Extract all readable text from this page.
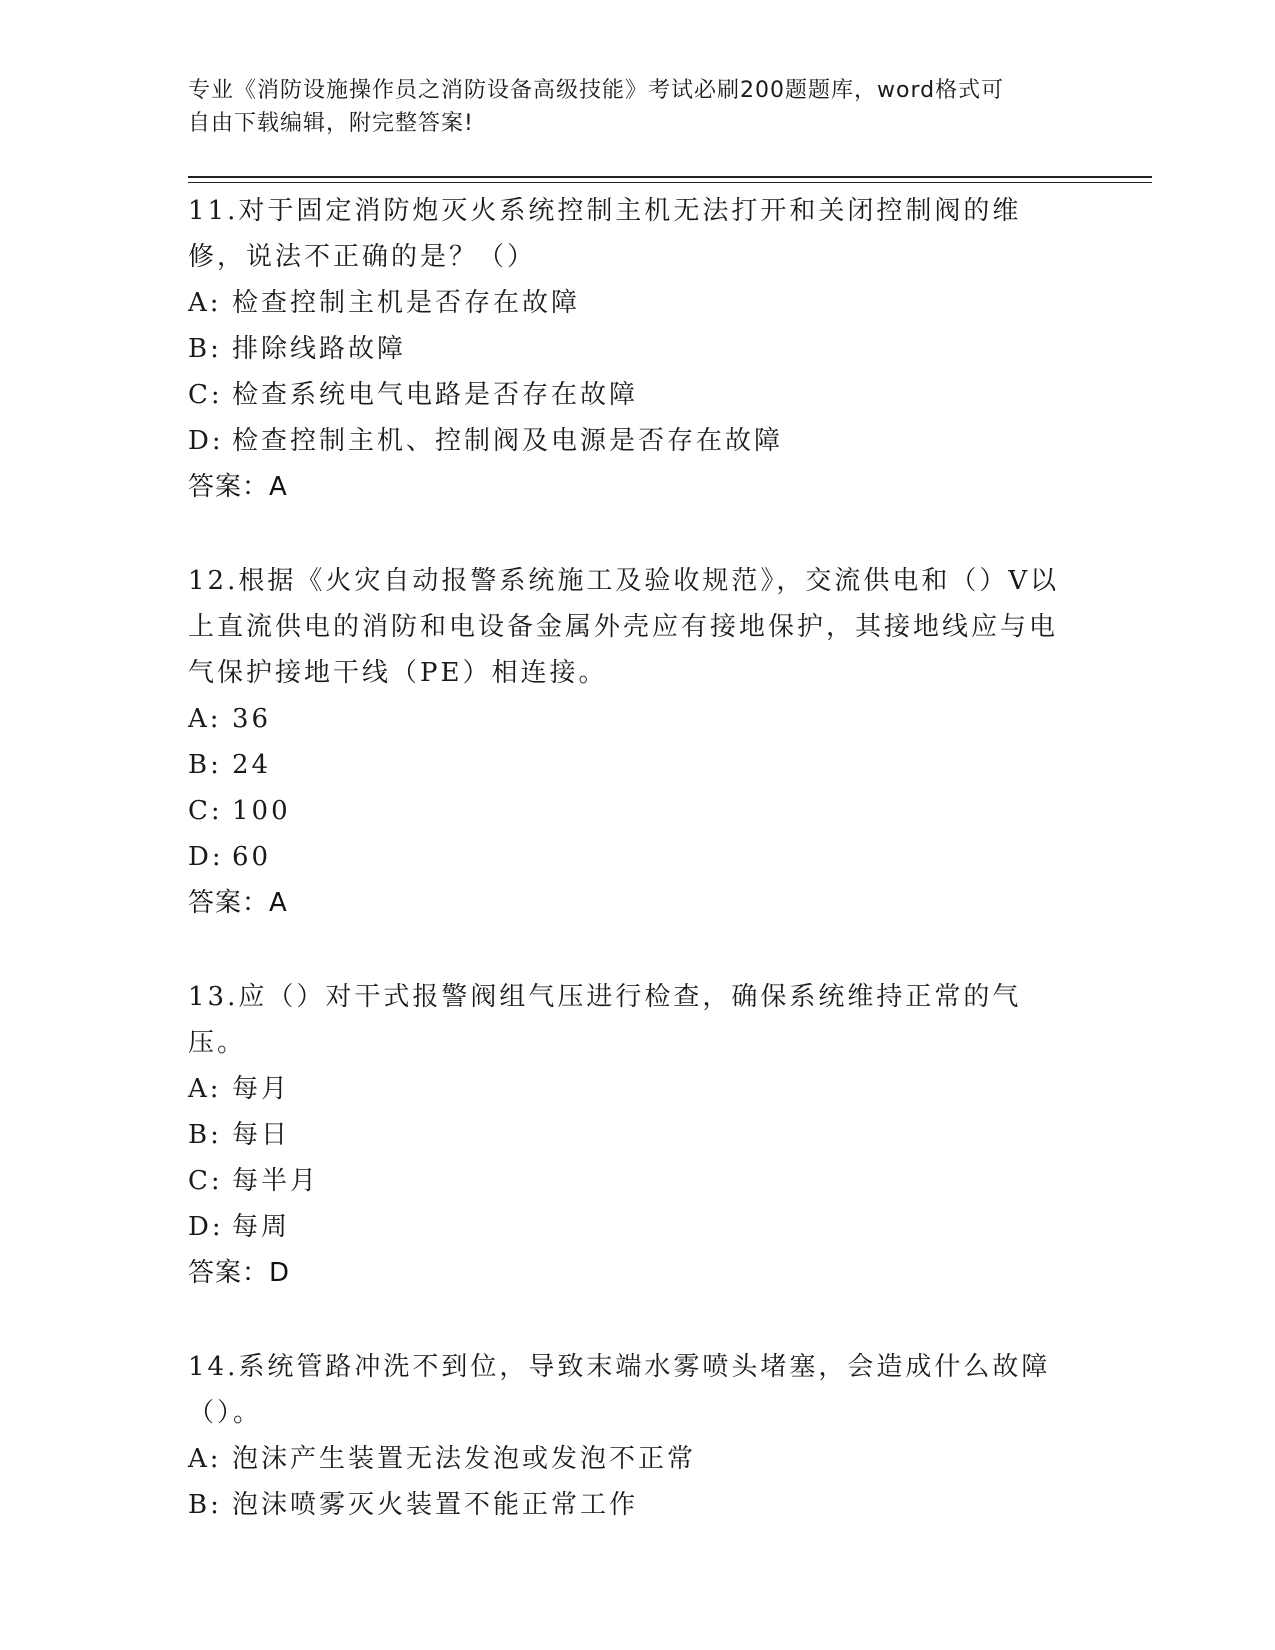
专业《消防设施操作员之消防设备高级技能》考试必刷200题题库，word格式可
自由下载编辑，附完整答案!
11.对于固定消防炮灭火系统控制主机无法打开和关闭控制阀的维修，说法不正确的是？（）
A: 检查控制主机是否存在故障
B: 排除线路故障
C: 检查系统电气电路是否存在故障
D: 检查控制主机、控制阀及电源是否存在故障
答案：A
12.根据《火灾自动报警系统施工及验收规范》，交流供电和（）V以上直流供电的消防和电设备金属外壳应有接地保护，其接地线应与电气保护接地干线（PE）相连接。
A: 36
B: 24
C: 100
D: 60
答案：A
13.应（）对干式报警阀组气压进行检查，确保系统维持正常的气压。
A: 每月
B: 每日
C: 每半月
D: 每周
答案：D
14.系统管路冲洗不到位，导致末端水雾喷头堵塞，会造成什么故障（）。
A: 泡沫产生装置无法发泡或发泡不正常
B: 泡沫喷雾灭火装置不能正常工作
